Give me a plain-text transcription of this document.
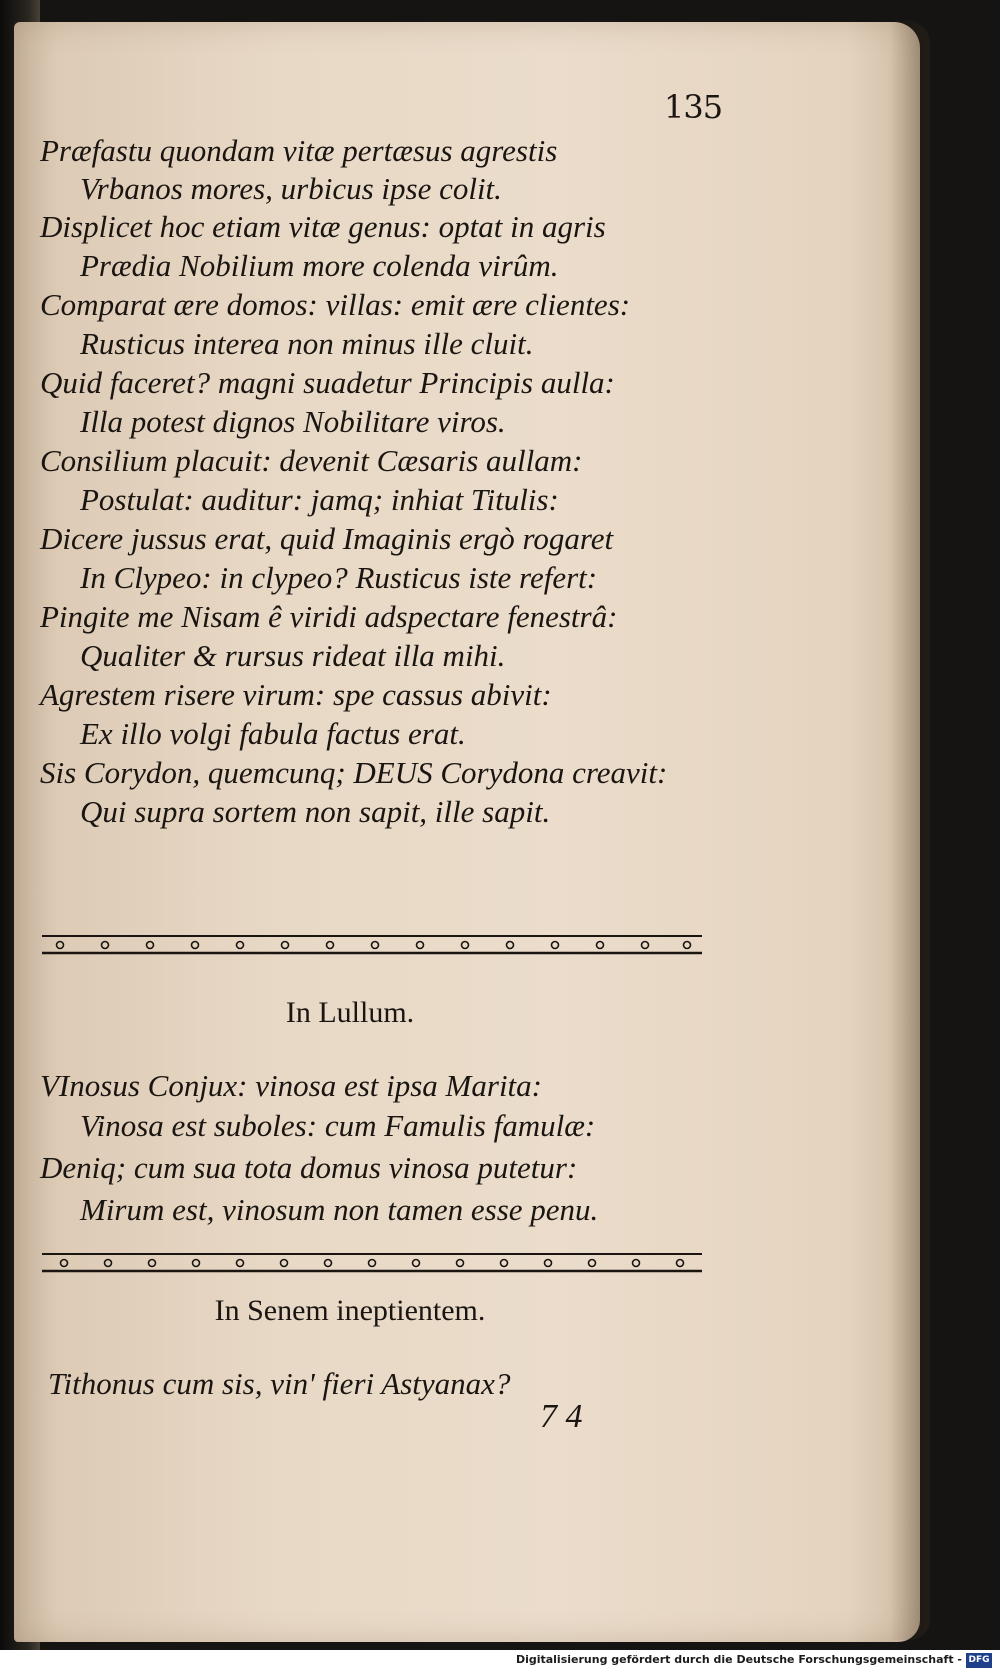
135
Præfastu quondam vitæ pertæsus agrestis
Vrbanos mores, urbicus ipse colit.
Displicet hoc etiam vitæ genus: optat in agris
Prædia Nobilium more colenda virûm.
Comparat ære domos: villas: emit ære clientes:
Rusticus interea non minus ille cluit.
Quid faceret? magni suadetur Principis aulla:
Illa potest dignos Nobilitare viros.
Consilium placuit: devenit Cæsaris aullam:
Postulat: auditur: jamq; inhiat Titulis:
Dicere jussus erat, quid Imaginis ergò rogaret
In Clypeo: in clypeo? Rusticus iste refert:
Pingite me Nisam ê viridi adspectare fenestrâ:
Qualiter & rursus rideat illa mihi.
Agrestem risere virum: spe cassus abivit:
Ex illo volgi fabula factus erat.
Sis Corydon, quemcunq; DEUS Corydona creavit:
Qui supra sortem non sapit, ille sapit.
In Lullum.
VInosus Conjux: vinosa est ipsa Marita:
Vinosa est suboles: cum Famulis famulæ:
Deniq; cum sua tota domus vinosa putetur:
Mirum est, vinosum non tamen esse penu.
In Senem ineptientem.
Tithonus cum sis, vin' fieri Astyanax?
7 4
Digitalisierung gefördert durch die Deutsche Forschungsgemeinschaft - DFG
